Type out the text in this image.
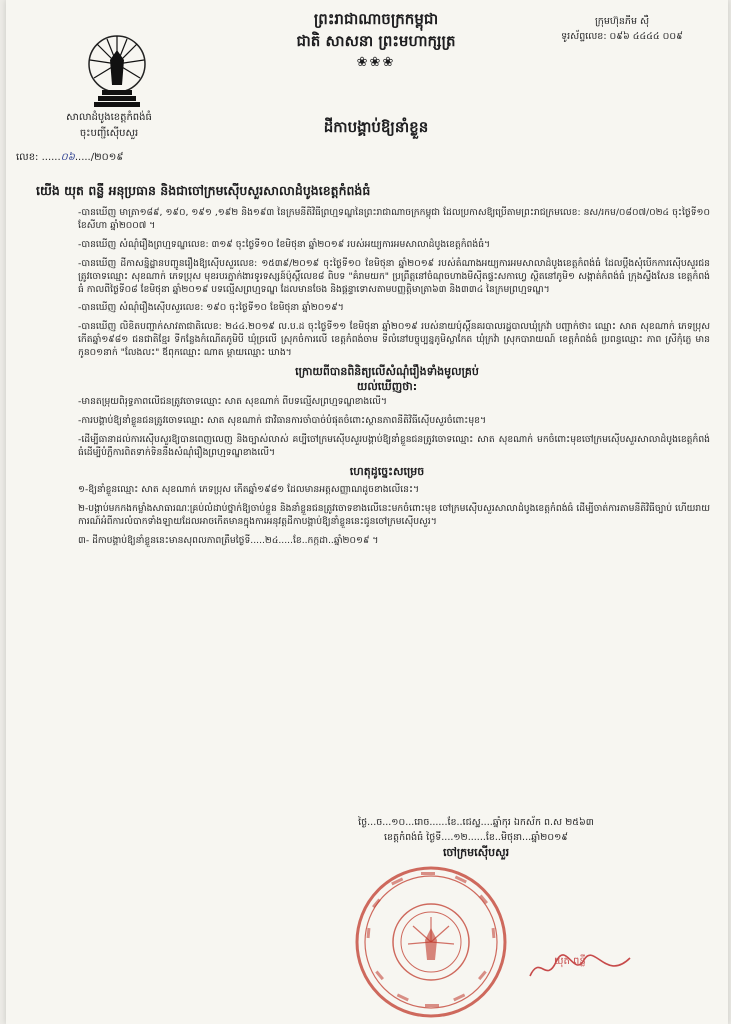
សាលាដំបូងខេត្តកំពង់ធំ
ចុះបញ្ជីស៊ើបសួរ
លេខ: ......០៦...../២០១៩
ព្រះរាជាណាចក្រកម្ពុជា
ជាតិ សាសនា ព្រះមហាក្សត្រ
❀❀❀
ក្រុមហ៊ុនភីម ស៊ឺ
ទូរស័ព្ទលេខ: ០៩៦ ៤៤៤៤ ០០៩
ដីកាបង្គាប់ឱ្យនាំខ្លួន
យើង យុត ពន្លឺ អនុប្រធាន និងជាចៅក្រមស៊ើបសួរសាលាដំបូងខេត្តកំពង់ធំ

-បានឃើញ មាត្រា១៨៩, ១៩០, ១៩១ ,១៩២ និង១៩៣ នៃក្រមនីតិវិធីព្រហ្មទណ្ឌនៃព្រះរាជាណាចក្រកម្ពុជា ដែលប្រកាសឱ្យប្រើតាមព្រះរាជក្រមលេខ: នស/រកម/០៨០៧/០២៤ ចុះថ្ងៃទី១០ ខែសីហា ឆ្នាំ២០០៧ ។

-បានឃើញ សំណុំរឿងព្រហ្មទណ្ឌលេខ: ៣១៩ ចុះថ្ងៃទី១០ ខែមិថុនា ឆ្នាំ២០១៩ របស់អយ្យការអមសាលាដំបូងខេត្តកំពង់ធំ។

-បានឃើញ ដីកាសន្និដ្ឋានបញ្ជូនរឿងឱ្យស៊ើបសួរលេខ: ១៥៣៩/២០១៩ ចុះថ្ងៃទី១០ ខែមិថុនា ឆ្នាំ២០១៩ របស់តំណាងអយ្យការអមសាលាដំបូងខេត្តកំពង់ធំ ដែលប្តឹងសុំបើកការស៊ើបសួរជនត្រូវចោទឈ្មោះ សុខណាក់ ភេទប្រុស មុខរបរភ្នាក់ងារទូរទស្សន៍ប៉ុស្តិ៍លេខ៨ ពិបទ "គំរាមយក" ប្រព្រឹត្តនៅចំណុចហាងមីស៊ីតផ្ទះសកាហ្វេ ស្ថិតនៅភូមិ១ សង្កាត់កំពង់ធំ ក្រុងស្ទឹងសែន ខេត្តកំពង់ធំ កាលពីថ្ងៃទី០៨ ខែមិថុនា ឆ្នាំ២០១៩ បទល្មើសព្រហ្មទណ្ឌ ដែលមានចែង និងផ្តន្ទាទោសតាមបញ្ញត្តិមាត្រា៦៣ និង៣៣៤ នៃក្រមព្រហ្មទណ្ឌ។

-បានឃើញ សំណុំរឿងស៊ើបសួរលេខ: ១៩០ ចុះថ្ងៃទី១០ ខែមិថុនា ឆ្នាំ២០១៩។

-បានឃើញ លិខិតបញ្ជាក់សាវតាជាតិលេខ: ២៤៤.២០១៩ ល.ប.ដ ចុះថ្ងៃទី១១ ខែមិថុនា ឆ្នាំ២០១៩ របស់នាយប៉ុស្តិ៍នគរបាលរដ្ឋបាលឃុំក្រវ៉ា បញ្ជាក់ថា៖ ឈ្មោះ សាត សុខណាក់ ភេទប្រុស កើតឆ្នាំ១៩៨១ ជនជាតិខ្មែរ ទីកន្លែងកំណើតភូមិបី ឃុំច្រលើ ស្រុកចំការលើ ខេត្តកំពង់ចាម ទីលំនៅបច្ចុប្បន្នភូមិស្លាកែត ឃុំក្រវ៉ា ស្រុកបារាយណ៍ ខេត្តកំពង់ធំ ប្រពន្ធឈ្មោះ ភាព ស្រីកុំភ្លេ មានកូន០១នាក់ "លែងលះ" ឪពុកឈ្មោះ ណាត ម្តាយឈ្មោះ ឃាង។

ក្រោយពីបានពិនិត្យលើសំណុំរឿងទាំងមូលគ្រប់
យល់ឃើញថា:

-មានតម្រុយពិរុទ្ធភាពលើជនត្រូវចោទឈ្មោះ សាត សុខណាក់ ពីបទល្មើសព្រហ្មទណ្ឌខាងលើ។

-ការបង្គាប់ឱ្យនាំខ្លួនជនត្រូវចោទឈ្មោះ សាត សុខណាក់ ជាវិធានការចាំបាច់បំផុតចំពោះស្ថានភាពនីតិវិធីស៊ើបសួរចំពោះមុខ។

-ដើម្បីធានាដល់ការស៊ើបសួរឱ្យបានពេញលេញ និងច្បាស់លាស់ គប្បីចៅក្រមស៊ើបសួរបង្គាប់ឱ្យនាំខ្លួនជនត្រូវចោទឈ្មោះ សាត សុខណាក់ មកចំពោះមុខចៅក្រមស៊ើបសួរសាលាដំបូងខេត្តកំពង់ធំដើម្បីបំភ្លឺការពិតទាក់ទិននឹងសំណុំរឿងព្រហ្មទណ្ឌខាងលើ។

ហេតុដូច្នេះសម្រេច

១-ឱ្យនាំខ្លួនឈ្មោះ សាត សុខណាក់ ភេទប្រុស កើតឆ្នាំ១៩៨១ ដែលមានអត្តសញ្ញាណដូចខាងលើនេះ។

២-បង្គាប់មកកងកម្លាំងសាធារណៈគ្រប់លំដាប់ថ្នាក់ឱ្យចាប់ខ្លួន និងនាំខ្លួនជនត្រូវចោទខាងលើនេះមកចំពោះមុខ ចៅក្រមស៊ើបសួរសាលាដំបូងខេត្តកំពង់ធំ ដើម្បីចាត់ការតាមនីតិវិធីច្បាប់ ហើយរាយការណ៍អំពីការលំបាកទាំងឡាយដែលអាចកើតមានក្នុងការអនុវត្តដីកាបង្គាប់ឱ្យនាំខ្លួននេះជូនចៅក្រមស៊ើបសួរ។

៣- ដីកាបង្គាប់ឱ្យនាំខ្លួននេះមានសុពលភាពត្រឹមថ្ងៃទី.....២៤.....ខែ..កក្កដា..ឆ្នាំ២០១៩ ។

ថ្ងៃ...ច...១០...រោច......ខែ..ជេស្ឋ....ឆ្នាំកុរ ឯកស័ក ព.ស ២៥៦៣
ខេត្តកំពង់ធំ ថ្ងៃទី....១២......ខែ..មិថុនា...ឆ្នាំ២០១៩
ចៅក្រមស៊ើបសួរ
យុត ពន្លឺ
